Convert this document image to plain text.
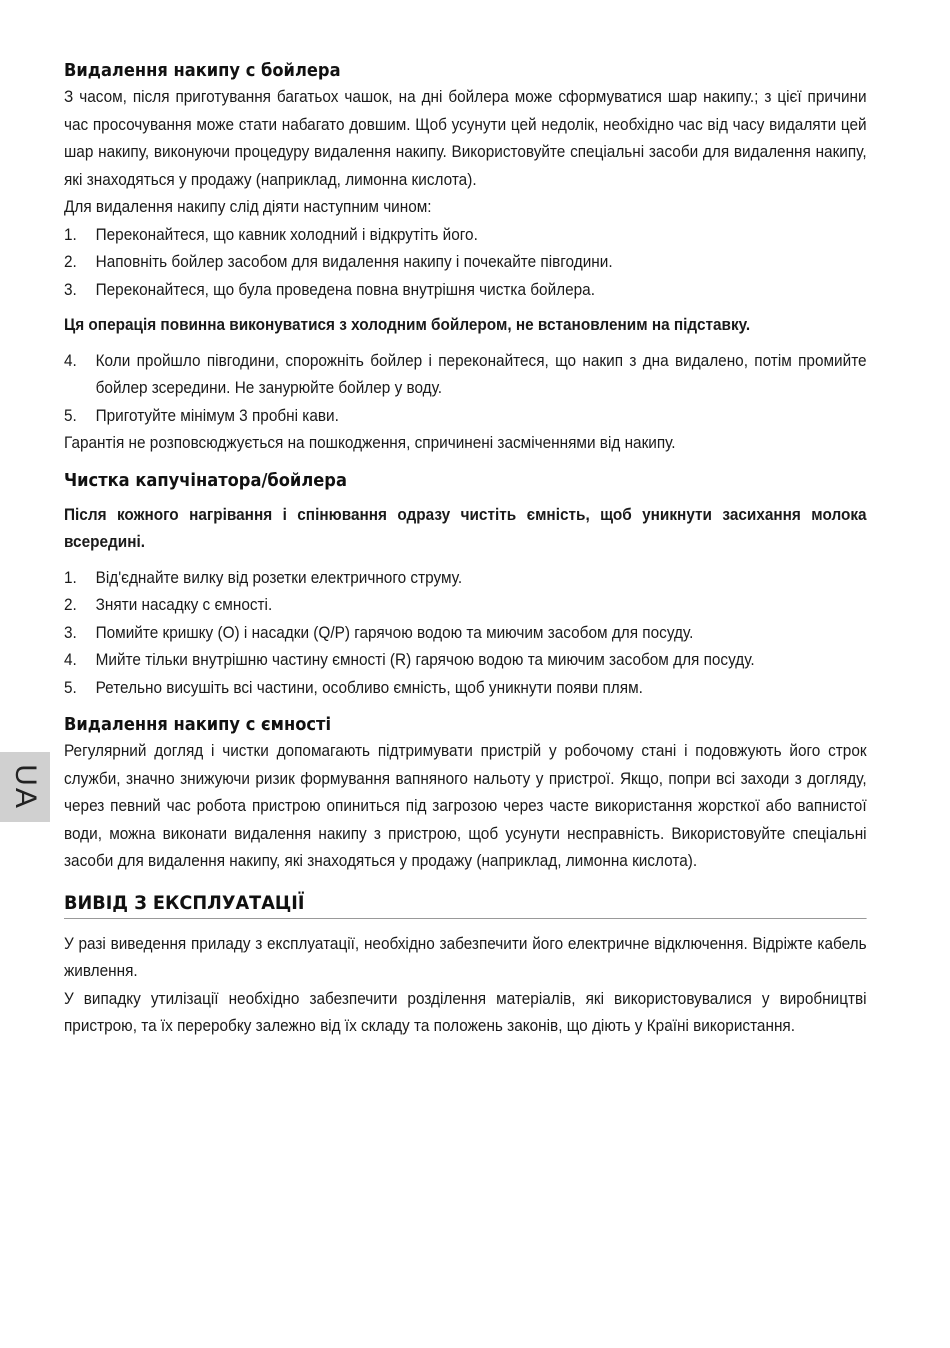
UA
Видалення накипу с бойлера

З часом, після приготування багатьох чашок, на дні бойлера може сформуватися шар накипу.; з цієї причини час просочування може стати набагато довшим. Щоб усунути цей недолік, необхідно час від часу видаляти цей шар накипу, виконуючи процедуру видалення накипу. Використовуйте спеціальні засоби для видалення накипу, які знаходяться у продажу (наприклад, лимонна кислота).

Для видалення накипу слід діяти наступним чином:

1. Переконайтеся, що кавник холодний і відкрутіть його.
2. Наповніть бойлер засобом для видалення накипу і почекайте півгодини.
3. Переконайтеся, що була проведена повна внутрішня чистка бойлера.

Ця операція повинна виконуватися з холодним бойлером, не встановленим на підставку.

4. Коли пройшло півгодини, спорожніть бойлер і переконайтеся, що накип з дна видалено, потім промийте бойлер зсередини. Не занурюйте бойлер у воду.
5. Приготуйте мінімум 3 пробні кави.

Гарантія не розповсюджується на пошкодження, спричинені засміченнями від накипу.

Чистка капучінатора/бойлера

Після кожного нагрівання і спінювання одразу чистіть ємність, щоб уникнути засихання молока всередині.

1. Від'єднайте вилку від розетки електричного струму.
2. Зняти насадку с ємності.
3. Помийте кришку (O) і насадки (Q/P) гарячою водою та миючим засобом для посуду.
4. Мийте тільки внутрішню частину ємності (R) гарячою водою та миючим засобом для посуду.
5. Ретельно висушіть всі частини, особливо ємність, щоб уникнути появи плям.
Видалення накипу с ємності

Регулярний догляд і чистки допомагають підтримувати пристрій у робочому стані і подовжують його строк служби, значно знижуючи ризик формування вапняного нальоту у пристрої. Якщо, попри всі заходи з догляду, через певний час робота пристрою опиниться під загрозою через часте використання жорсткої або вапнистої води, можна виконати видалення накипу з пристрою, щоб усунути несправність. Використовуйте спеціальні засоби для видалення накипу, які знаходяться у продажу (наприклад, лимонна кислота).

ВИВІД З ЕКСПЛУАТАЦІЇ

У разі виведення приладу з експлуатації, необхідно забезпечити його електричне відключення. Відріжте кабель живлення.

У випадку утилізації необхідно забезпечити розділення матеріалів, які використовувалися у виробництві пристрою, та їх переробку залежно від їх складу та положень законів, що діють у Країні використання.
